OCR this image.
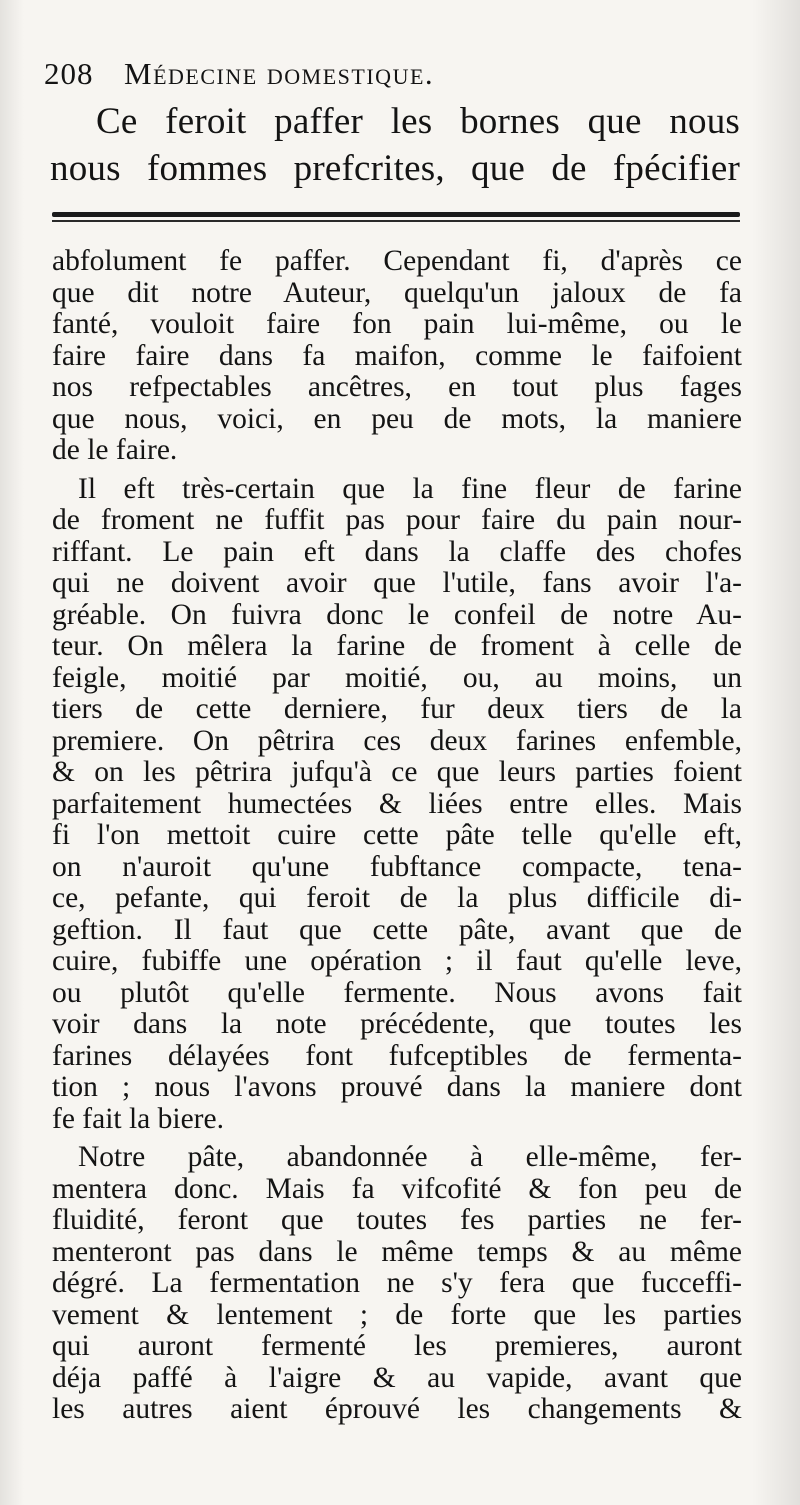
208 Médecine domestique.
Ce feroit paffer les bornes que nous
nous fommes prefcrites, que de fpécifier
abfolument fe paffer. Cependant fi, d'après ce
que dit notre Auteur, quelqu'un jaloux de fa
fanté, vouloit faire fon pain lui-même, ou le
faire faire dans fa maifon, comme le faifoient
nos refpectables ancêtres, en tout plus fages
que nous, voici, en peu de mots, la maniere
de le faire.
Il eft très-certain que la fine fleur de farine
de froment ne fuffit pas pour faire du pain nour-
riffant. Le pain eft dans la claffe des chofes
qui ne doivent avoir que l'utile, fans avoir l'a-
gréable. On fuivra donc le confeil de notre Au-
teur. On mêlera la farine de froment à celle de
feigle, moitié par moitié, ou, au moins, un
tiers de cette derniere, fur deux tiers de la
premiere. On pêtrira ces deux farines enfemble,
& on les pêtrira jufqu'à ce que leurs parties foient
parfaitement humectées & liées entre elles. Mais
fi l'on mettoit cuire cette pâte telle qu'elle eft,
on n'auroit qu'une fubftance compacte, tena-
ce, pefante, qui feroit de la plus difficile di-
geftion. Il faut que cette pâte, avant que de
cuire, fubiffe une opération ; il faut qu'elle leve,
ou plutôt qu'elle fermente. Nous avons fait
voir dans la note précédente, que toutes les
farines délayées font fufceptibles de fermenta-
tion ; nous l'avons prouvé dans la maniere dont
fe fait la biere.
Notre pâte, abandonnée à elle-même, fer-
mentera donc. Mais fa vifcofité & fon peu de
fluidité, feront que toutes fes parties ne fer-
menteront pas dans le même temps & au même
dégré. La fermentation ne s'y fera que fucceffi-
vement & lentement ; de forte que les parties
qui auront fermenté les premieres, auront
déja paffé à l'aigre & au vapide, avant que
les autres aient éprouvé les changements &
